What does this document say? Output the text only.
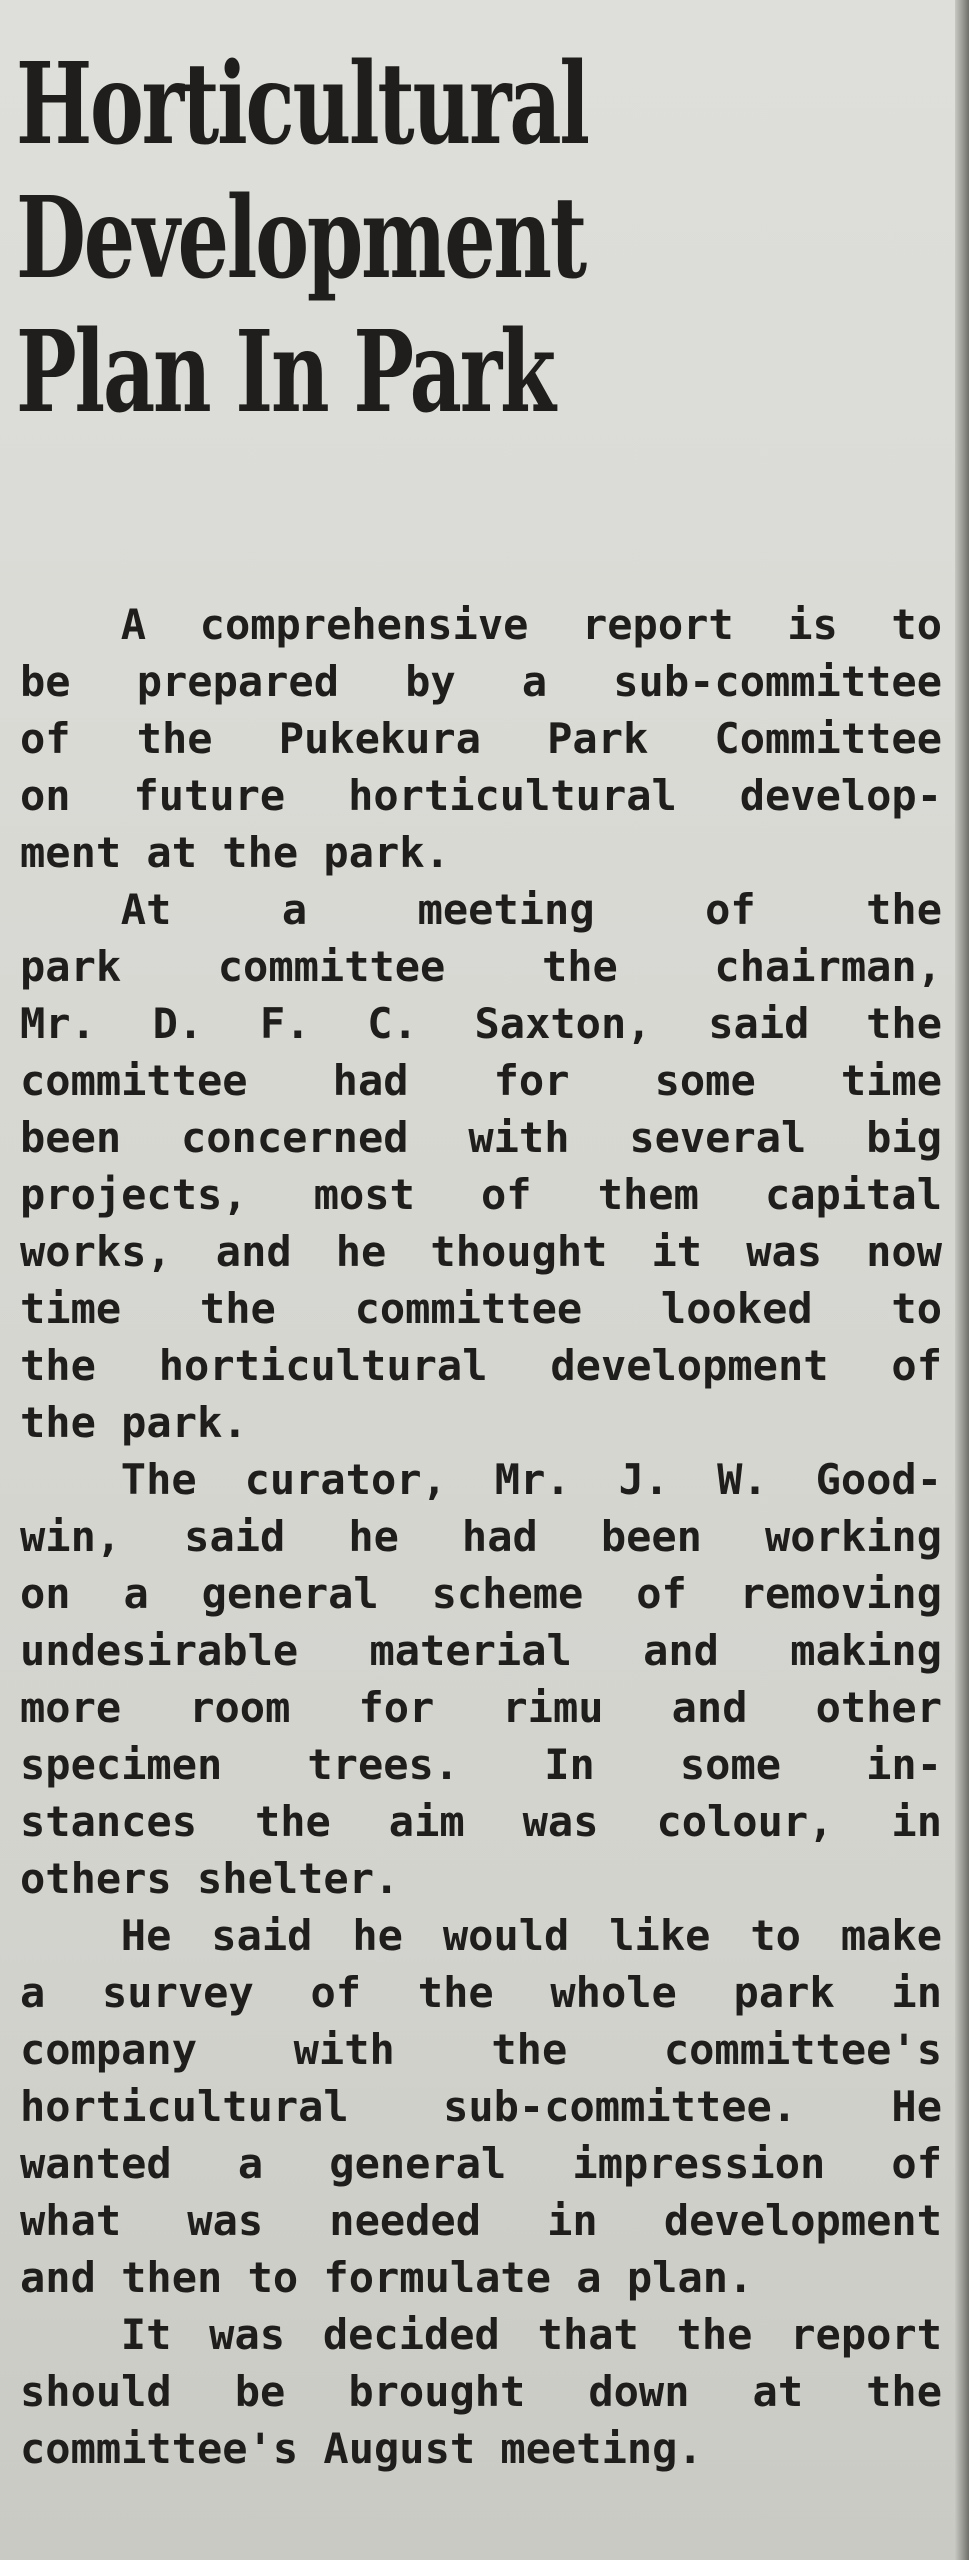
Horticultural
Development
Plan In Park

A comprehensive report is to
be prepared by a sub-committee
of the Pukekura Park Committee
on future horticultural develop-
ment at the park.

At a meeting of the
park committee the chairman,
Mr. D. F. C. Saxton, said the
committee had for some time
been concerned with several big
projects, most of them capital
works, and he thought it was now
time the committee looked to
the horticultural development of
the park.

The curator, Mr. J. W. Good-
win, said he had been working
on a general scheme of removing
undesirable material and making
more room for rimu and other
specimen trees. In some in-
stances the aim was colour, in
others shelter.

He said he would like to make
a survey of the whole park in
company with the committee's
horticultural sub-committee. He
wanted a general impression of
what was needed in development
and then to formulate a plan.

It was decided that the report
should be brought down at the
committee's August meeting.
